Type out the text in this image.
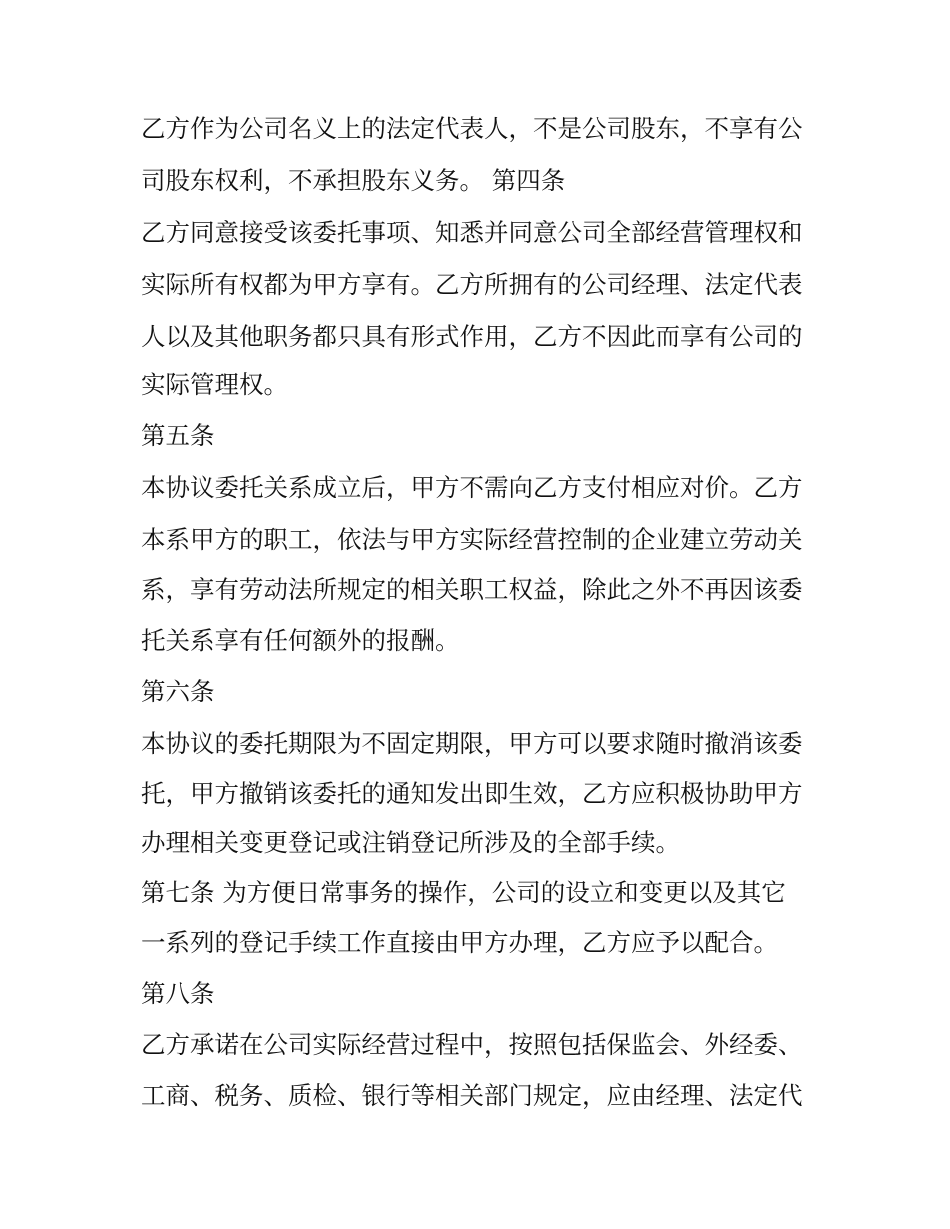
乙方作为公司名义上的法定代表人，不是公司股东，不享有公

司股东权利，不承担股东义务。 第四条

乙方同意接受该委托事项、知悉并同意公司全部经营管理权和

实际所有权都为甲方享有。乙方所拥有的公司经理、法定代表

人以及其他职务都只具有形式作用，乙方不因此而享有公司的

实际管理权。

第五条

本协议委托关系成立后，甲方不需向乙方支付相应对价。乙方

本系甲方的职工，依法与甲方实际经营控制的企业建立劳动关

系，享有劳动法所规定的相关职工权益，除此之外不再因该委

托关系享有任何额外的报酬。

第六条

本协议的委托期限为不固定期限，甲方可以要求随时撤消该委

托，甲方撤销该委托的通知发出即生效，乙方应积极协助甲方

办理相关变更登记或注销登记所涉及的全部手续。

第七条 为方便日常事务的操作，公司的设立和变更以及其它

一系列的登记手续工作直接由甲方办理，乙方应予以配合。

第八条

乙方承诺在公司实际经营过程中，按照包括保监会、外经委、

工商、税务、质检、银行等相关部门规定，应由经理、法定代
